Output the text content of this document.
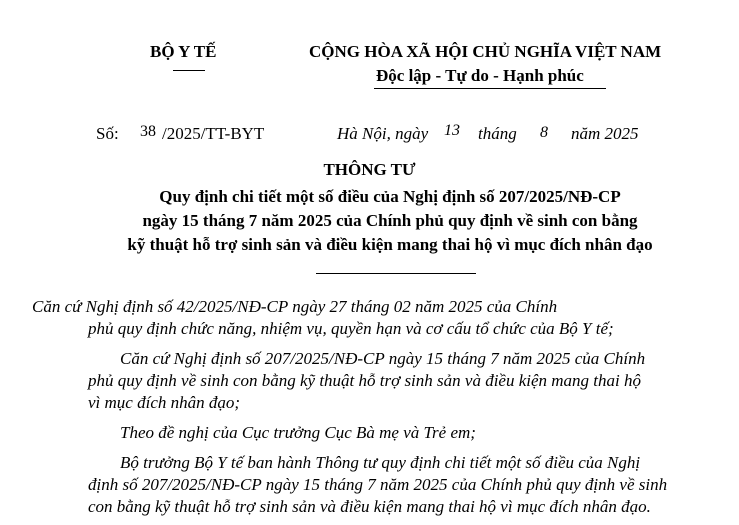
BỘ Y TẾ	CỘNG HÒA XÃ HỘI CHỦ NGHĨA VIỆT NAM
Độc lập - Tự do - Hạnh phúc
Số: 38 /2025/TT-BYT	Hà Nội, ngày 13 tháng 8 năm 2025
THÔNG TƯ
Quy định chi tiết một số điều của Nghị định số 207/2025/NĐ-CP
ngày 15 tháng 7 năm 2025 của Chính phủ quy định về sinh con bằng
kỹ thuật hỗ trợ sinh sản và điều kiện mang thai hộ vì mục đích nhân đạo
Căn cứ Nghị định số 42/2025/NĐ-CP ngày 27 tháng 02 năm 2025 của Chính
phủ quy định chức năng, nhiệm vụ, quyền hạn và cơ cấu tổ chức của Bộ Y tế;
Căn cứ Nghị định số 207/2025/NĐ-CP ngày 15 tháng 7 năm 2025 của Chính
phủ quy định về sinh con bằng kỹ thuật hỗ trợ sinh sản và điều kiện mang thai hộ
vì mục đích nhân đạo;
Theo đề nghị của Cục trưởng Cục Bà mẹ và Trẻ em;
Bộ trưởng Bộ Y tế ban hành Thông tư quy định chi tiết một số điều của Nghị
định số 207/2025/NĐ-CP ngày 15 tháng 7 năm 2025 của Chính phủ quy định về sinh
con bằng kỹ thuật hỗ trợ sinh sản và điều kiện mang thai hộ vì mục đích nhân đạo.
